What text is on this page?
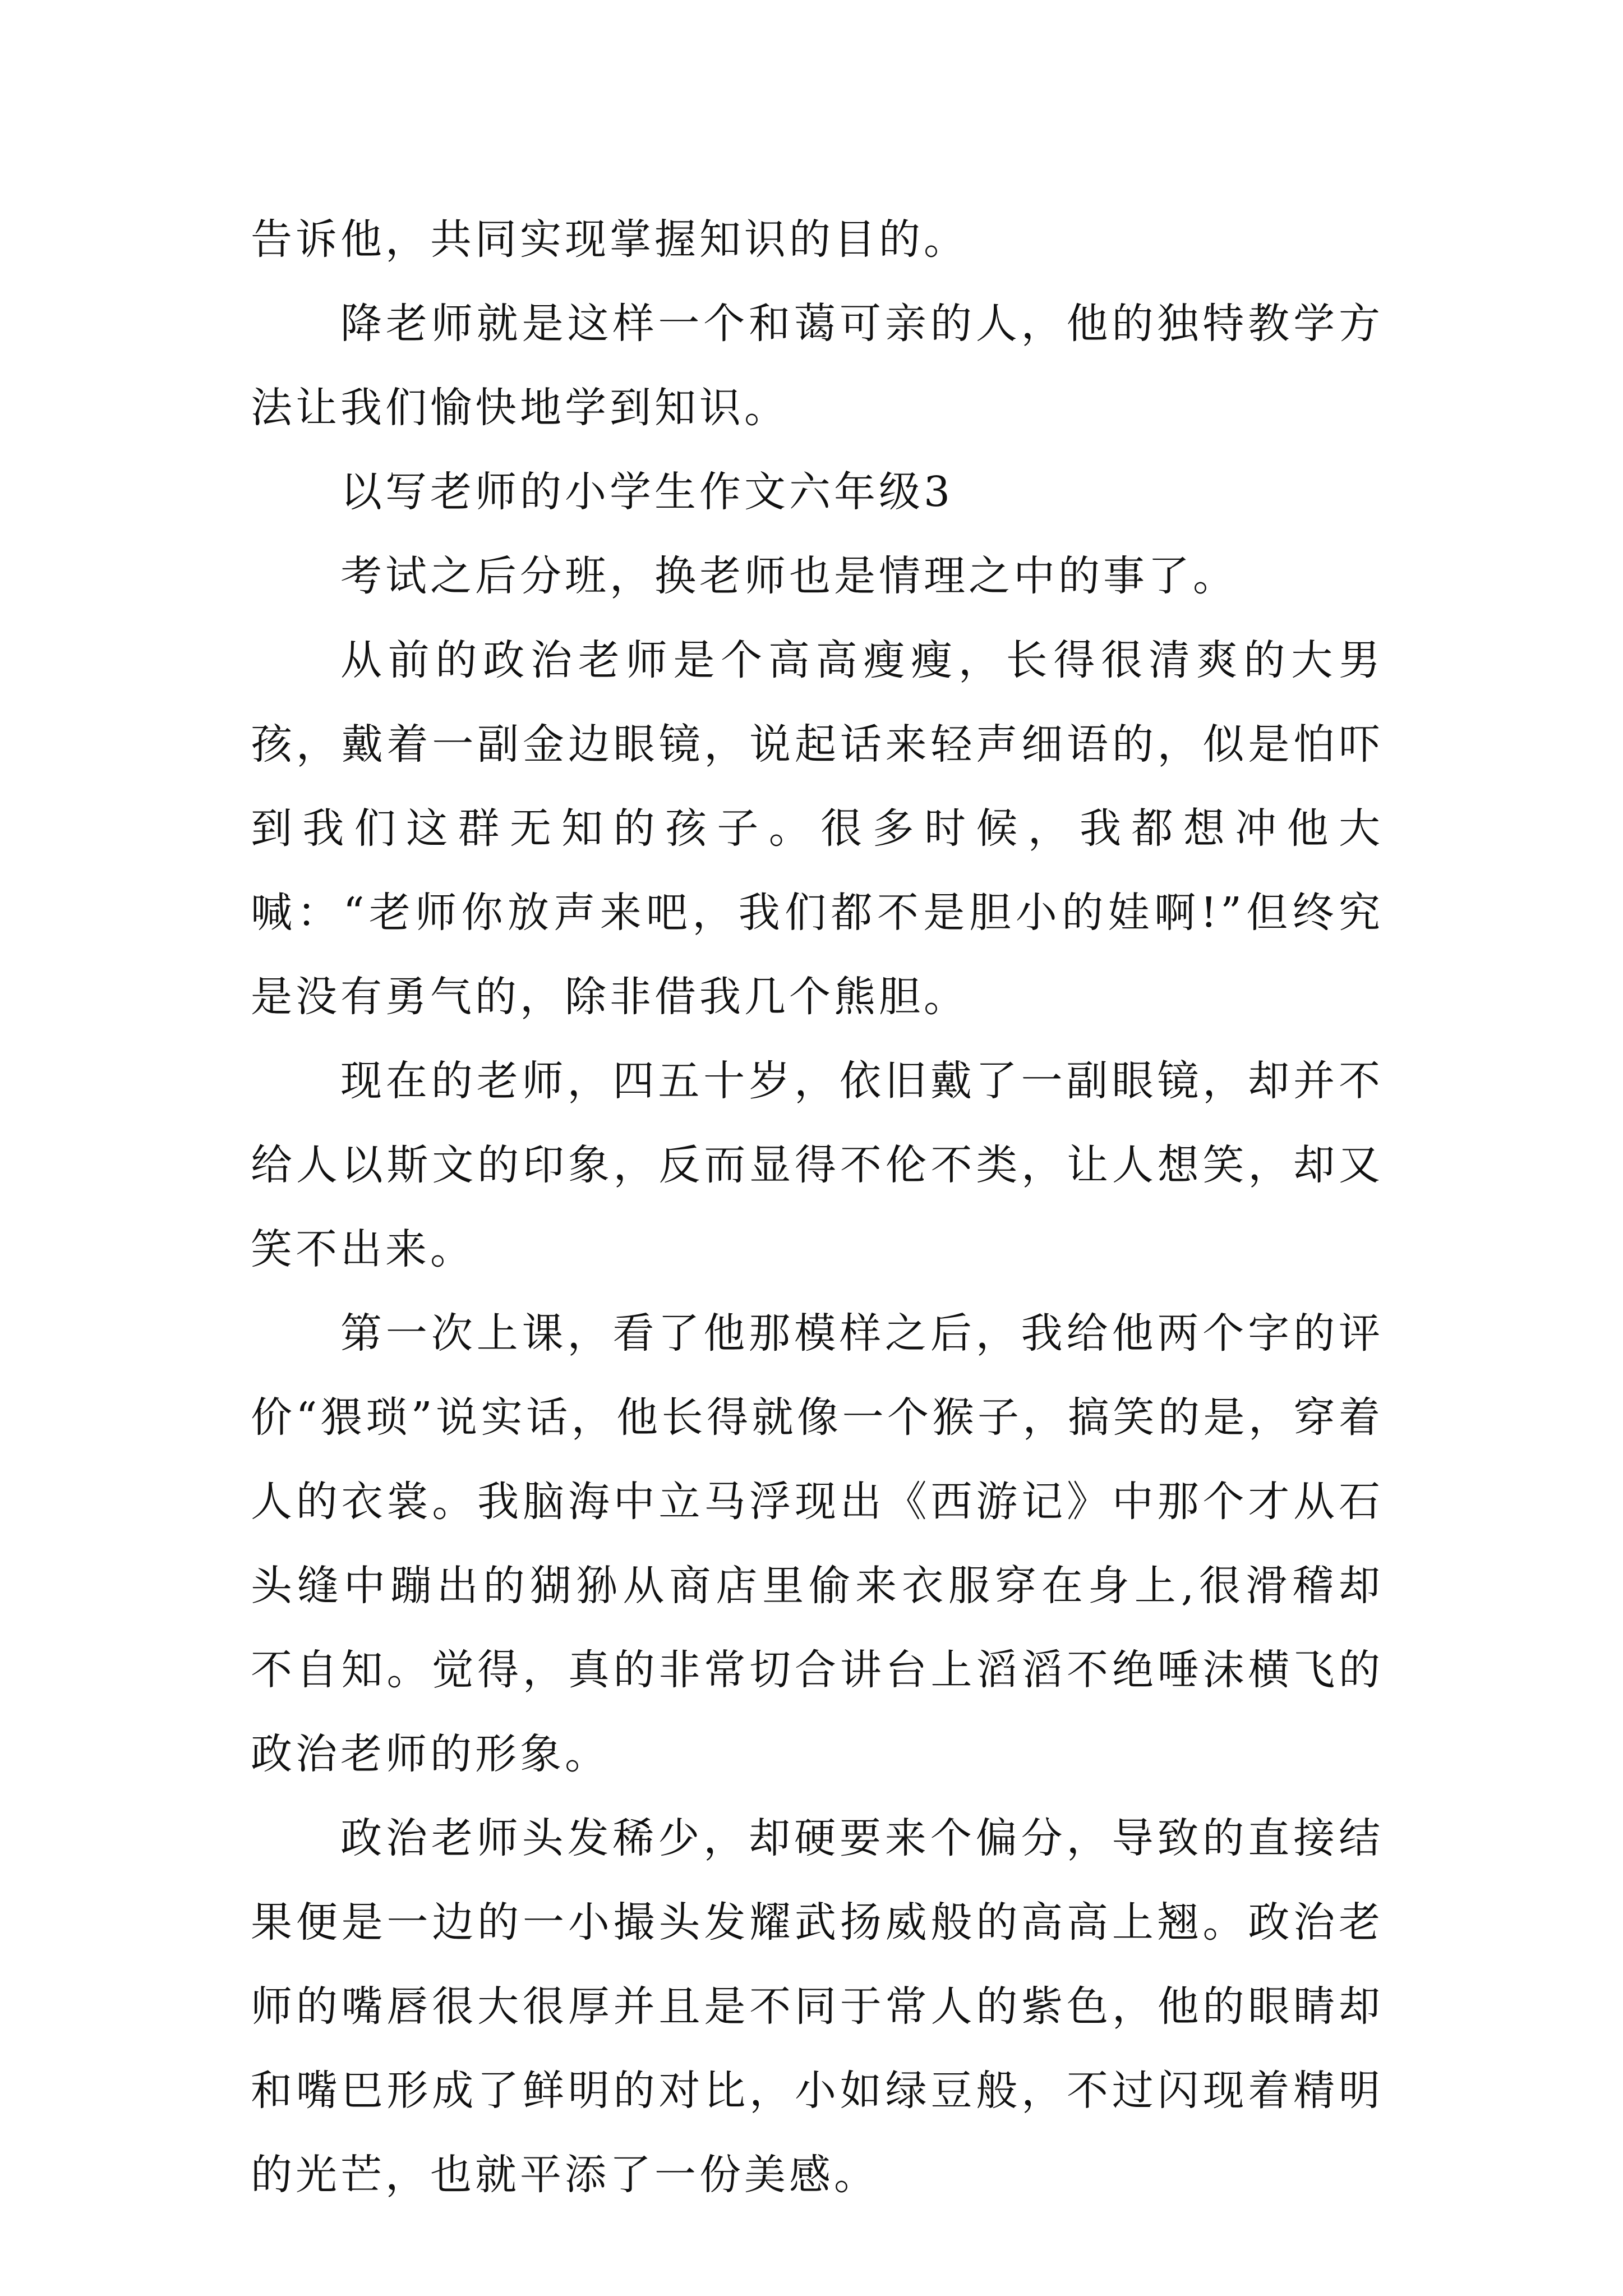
告诉他，共同实现掌握知识的目的。

降老师就是这样一个和蔼可亲的人，他的独特教学方法让我们愉快地学到知识。

以写老师的小学生作文六年级3

考试之后分班，换老师也是情理之中的事了。

从前的政治老师是个高高瘦瘦，长得很清爽的大男孩，戴着一副金边眼镜，说起话来轻声细语的，似是怕吓到我们这群无知的孩子。很多时候，我都想冲他大喊：“老师你放声来吧，我们都不是胆小的娃啊!”但终究是没有勇气的，除非借我几个熊胆。

现在的老师，四五十岁，依旧戴了一副眼镜，却并不给人以斯文的印象，反而显得不伦不类，让人想笑，却又笑不出来。

第一次上课，看了他那模样之后，我给他两个字的评价“猥琐”说实话，他长得就像一个猴子，搞笑的是，穿着人的衣裳。我脑海中立马浮现出《西游记》中那个才从石头缝中蹦出的猢狲从商店里偷来衣服穿在身上,很滑稽却不自知。觉得，真的非常切合讲台上滔滔不绝唾沫横飞的政治老师的形象。

政治老师头发稀少，却硬要来个偏分，导致的直接结果便是一边的一小撮头发耀武扬威般的高高上翘。政治老师的嘴唇很大很厚并且是不同于常人的紫色，他的眼睛却和嘴巴形成了鲜明的对比，小如绿豆般，不过闪现着精明的光芒，也就平添了一份美感。
